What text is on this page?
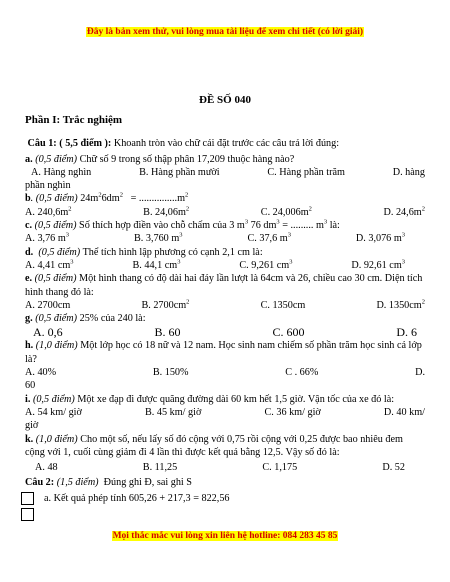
Đây là bản xem thử, vui lòng mua tài liệu để xem chi tiết (có lời giải)
ĐỀ SỐ 040

Phần I: Trắc nghiệm

Câu 1: ( 5,5 điểm ): Khoanh tròn vào chữ cái đặt trước các câu trả lời đúng:

a. (0,5 điểm) Chữ số 9 trong số thập phân 17,209 thuộc hàng nào?

A. Hàng nghìn	B. Hàng phần mười	C. Hàng phần trăm	D. hàng

phần nghìn

b. (0,5 điểm) $24m^26dm^2 = ...............m^2$

A. $240,6m^2$	B. $24,06m^2$	C. $24,006m^2$	D. $24,6m^2$

c. (0,5 điểm) Số thích hợp điền vào chỗ chấm của 3 $m^3$ 76 $dm^3$ = ......... $m^3$ là:

A. 3,76 $m^3$	B. 3,760 $m^3$	C. 37,6 $m^3$	D. 3,076 $m^3$

d. (0,5 điểm) Thể tích hình lập phương có cạnh 2,1 cm là:

A. 4,41 $cm^3$	B. 44,1 $cm^3$	C. 9,261 $cm^3$	D. 92,61 $cm^3$

e. (0,5 điểm) Một hình thang có độ dài hai đáy lần lượt là 64cm và 26, chiều cao 30 cm. Diện tích hình thang đó là:

A. 2700cm	B. $2700cm^2$	C. 1350cm	D. $1350cm^2$

g. (0,5 điểm) 25% của 240 là:

A. 0,6	B. 60	C. 600	D. 6

h. (1,0 điểm) Một lớp học có 18 nữ và 12 nam. Học sinh nam chiếm số phần trăm học sinh cả lớp là?

A. 40%	B. 150%	C . 66%	D.

60

i. (0,5 điểm) Một xe đạp đi được quãng đường dài 60 km hết 1,5 giờ. Vận tốc của xe đó là:

A. 54 km/ giờ	B. 45 km/ giờ	C. 36 km/ giờ	D. 40 km/

giờ

k. (1,0 điểm) Cho một số, nếu lấy số đó cộng với 0,75 rồi cộng với 0,25 được bao nhiêu đem cộng với 1, cuối cùng giảm đi 4 lần thì được kết quả bằng 12,5. Vậy số đó là:

A. 48	B. 11,25	C. 1,175	D. 52

Câu 2: (1,5 điểm) Đúng ghi Đ, sai ghi S

a. Kết quả phép tính 605,26 + 217,3 = 822,56

Mọi thắc mắc vui lòng xin liên hệ hotline: 084 283 45 85
